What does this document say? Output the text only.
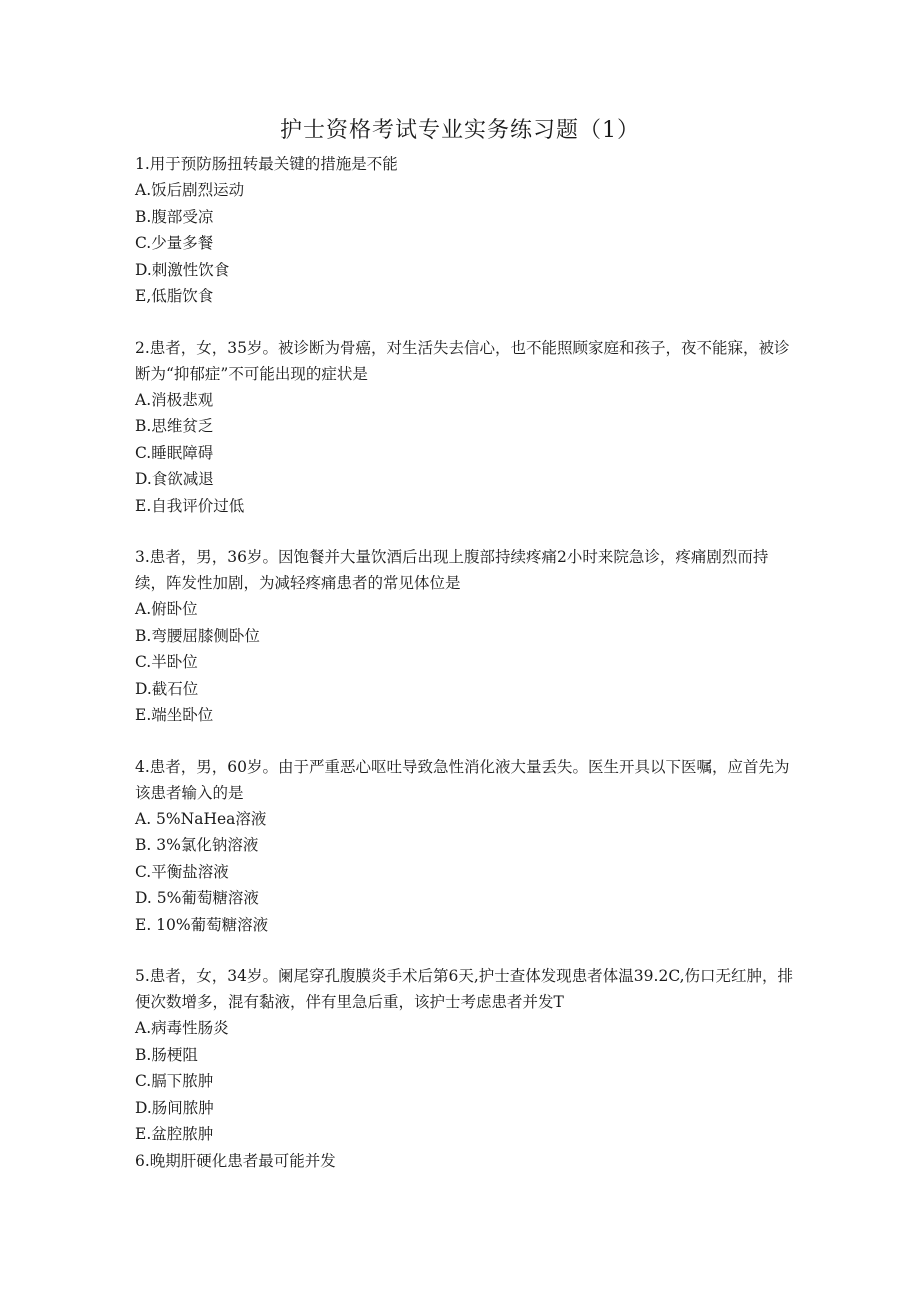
护士资格考试专业实务练习题（1）

1.用于预防肠扭转最关键的措施是不能

A.饭后剧烈运动

B.腹部受凉

C.少量多餐

D.刺激性饮食

E,低脂饮食

2.患者，女，35岁。被诊断为骨癌，对生活失去信心，也不能照顾家庭和孩子，夜不能寐，被诊断为“抑郁症”不可能出现的症状是

A.消极悲观

B.思维贫乏

C.睡眠障碍

D.食欲减退

E.自我评价过低

3.患者，男，36岁。因饱餐并大量饮酒后出现上腹部持续疼痛2小时来院急诊，疼痛剧烈而持续，阵发性加剧，为减轻疼痛患者的常见体位是

A.俯卧位

B.弯腰屈膝侧卧位

C.半卧位

D.截石位

E.端坐卧位

4.患者，男，60岁。由于严重恶心呕吐导致急性消化液大量丢失。医生开具以下医嘱，应首先为该患者输入的是

A. 5%NaHea溶液

B. 3%氯化钠溶液

C.平衡盐溶液

D. 5%葡萄糖溶液

E. 10%葡萄糖溶液

5.患者，女，34岁。阑尾穿孔腹膜炎手术后第6天,护士查体发现患者体温39.2C,伤口无红肿，排便次数增多，混有黏液，伴有里急后重，该护士考虑患者并发T

A.病毒性肠炎

B.肠梗阻

C.膈下脓肿

D.肠间脓肿

E.盆腔脓肿

6.晚期肝硬化患者最可能并发
